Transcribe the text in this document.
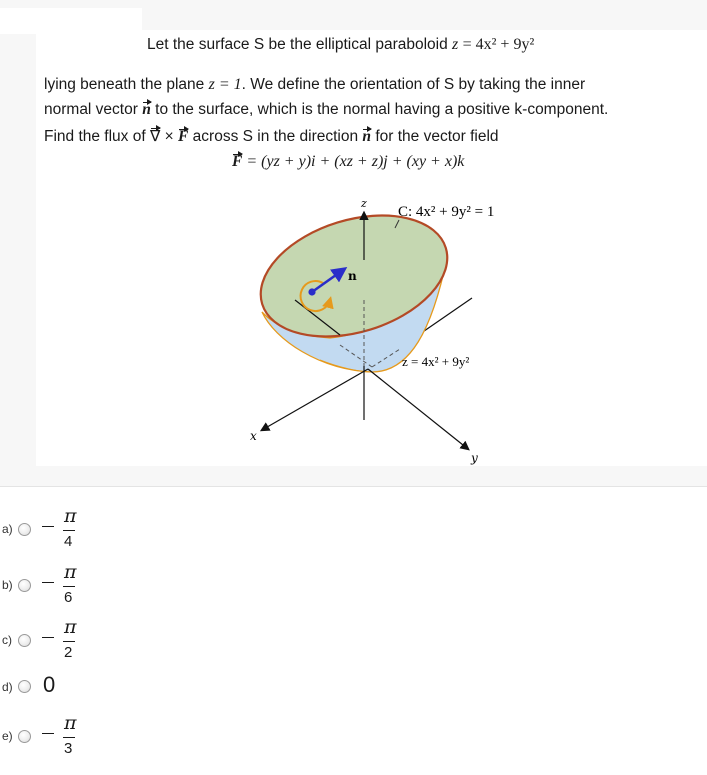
Let the surface S be the elliptical paraboloid z = 4x² + 9y²
lying beneath the plane z = 1. We define the orientation of S by taking the inner
normal vector n to the surface, which is the normal having a positive k-component.
Find the flux of ∇ × F across S in the direction n for the vector field
F = (yz + y)i + (xz + z)j + (xy + x)k
z
x
y
n
C: 4x² + 9y² = 1
z = 4x² + 9y²
a)
π
4
b)
π
6
c)
π
2
d) 0
e)
π
3
